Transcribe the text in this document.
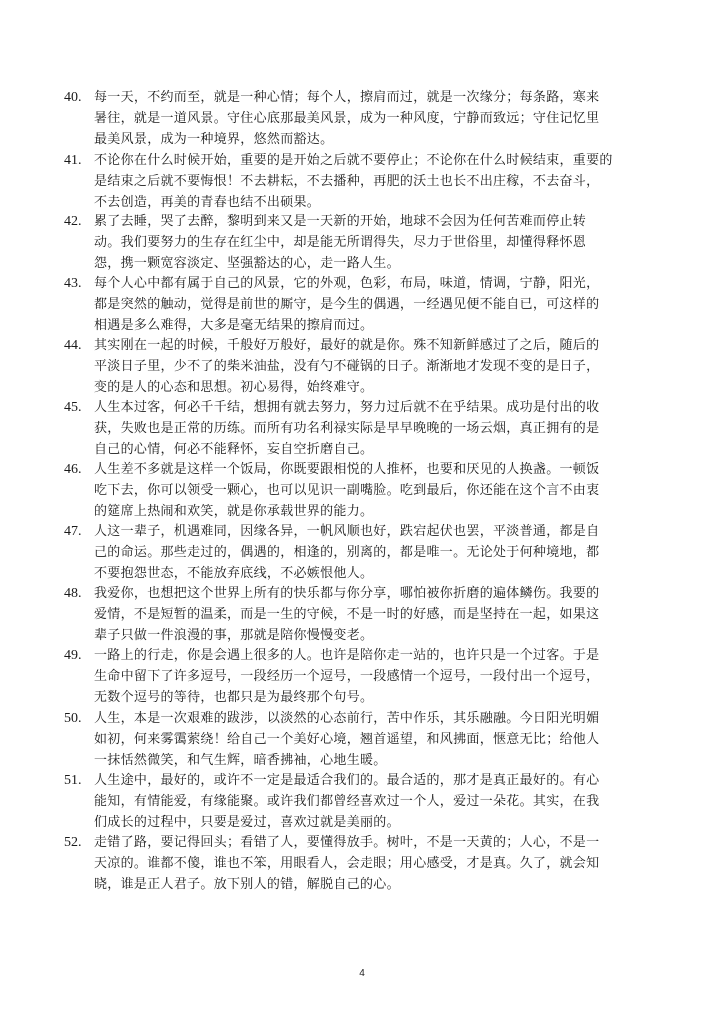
40. 每一天，不约而至，就是一种心情；每个人，擦肩而过，就是一次缘分；每条路，寒来
暑往，就是一道风景。守住心底那最美风景，成为一种风度，宁静而致远；守住记忆里
最美风景，成为一种境界，悠然而豁达。
41. 不论你在什么时候开始，重要的是开始之后就不要停止；不论你在什么时候结束，重要的
是结束之后就不要悔恨！不去耕耘，不去播种，再肥的沃土也长不出庄稼，不去奋斗，
不去创造，再美的青春也结不出硕果。
42. 累了去睡，哭了去醉，黎明到来又是一天新的开始，地球不会因为任何苦难而停止转
动。我们要努力的生存在红尘中，却是能无所谓得失，尽力于世俗里，却懂得释怀恩
怨，携一颗宽容淡定、坚强豁达的心，走一路人生。
43. 每个人心中都有属于自己的风景，它的外观，色彩，布局，味道，情调，宁静，阳光，
都是突然的触动，觉得是前世的厮守，是今生的偶遇，一经遇见便不能自已，可这样的
相遇是多么难得，大多是毫无结果的擦肩而过。
44. 其实刚在一起的时候，千般好万般好，最好的就是你。殊不知新鲜感过了之后，随后的
平淡日子里，少不了的柴米油盐，没有勺不碰锅的日子。渐渐地才发现不变的是日子，
变的是人的心态和思想。初心易得，始终难守。
45. 人生本过客，何必千千结，想拥有就去努力，努力过后就不在乎结果。成功是付出的收
获，失败也是正常的历练。而所有功名利禄实际是早早晚晚的一场云烟，真正拥有的是
自己的心情，何必不能释怀，妄自空折磨自己。
46. 人生差不多就是这样一个饭局，你既要跟相悦的人推杯，也要和厌见的人换盏。一顿饭
吃下去，你可以领受一颗心，也可以见识一副嘴脸。吃到最后，你还能在这个言不由衷
的筵席上热闹和欢笑，就是你承载世界的能力。
47. 人这一辈子，机遇难同，因缘各异，一帆风顺也好，跌宕起伏也罢，平淡普通，都是自
己的命运。那些走过的，偶遇的，相逢的，别离的，都是唯一。无论处于何种境地，都
不要抱怨世态，不能放弃底线，不必嫉恨他人。
48. 我爱你，也想把这个世界上所有的快乐都与你分享，哪怕被你折磨的遍体鳞伤。我要的
爱情，不是短暂的温柔，而是一生的守候，不是一时的好感，而是坚持在一起，如果这
辈子只做一件浪漫的事，那就是陪你慢慢变老。
49. 一路上的行走，你是会遇上很多的人。也许是陪你走一站的，也许只是一个过客。于是
生命中留下了许多逗号，一段经历一个逗号，一段感情一个逗号，一段付出一个逗号，
无数个逗号的等待，也都只是为最终那个句号。
50. 人生，本是一次艰难的跋涉，以淡然的心态前行，苦中作乐，其乐融融。今日阳光明媚
如初，何来雾霭萦绕！给自己一个美好心境，翘首遥望，和风拂面，惬意无比；给他人
一抹恬然微笑，和气生辉，暗香拂袖，心地生暖。
51. 人生途中，最好的，或许不一定是最适合我们的。最合适的，那才是真正最好的。有心
能知，有情能爱，有缘能聚。或许我们都曾经喜欢过一个人，爱过一朵花。其实，在我
们成长的过程中，只要是爱过，喜欢过就是美丽的。
52. 走错了路，要记得回头；看错了人，要懂得放手。树叶，不是一天黄的；人心，不是一
天凉的。谁都不傻，谁也不笨，用眼看人，会走眼；用心感受，才是真。久了，就会知
晓，谁是正人君子。放下别人的错，解脱自己的心。
4
